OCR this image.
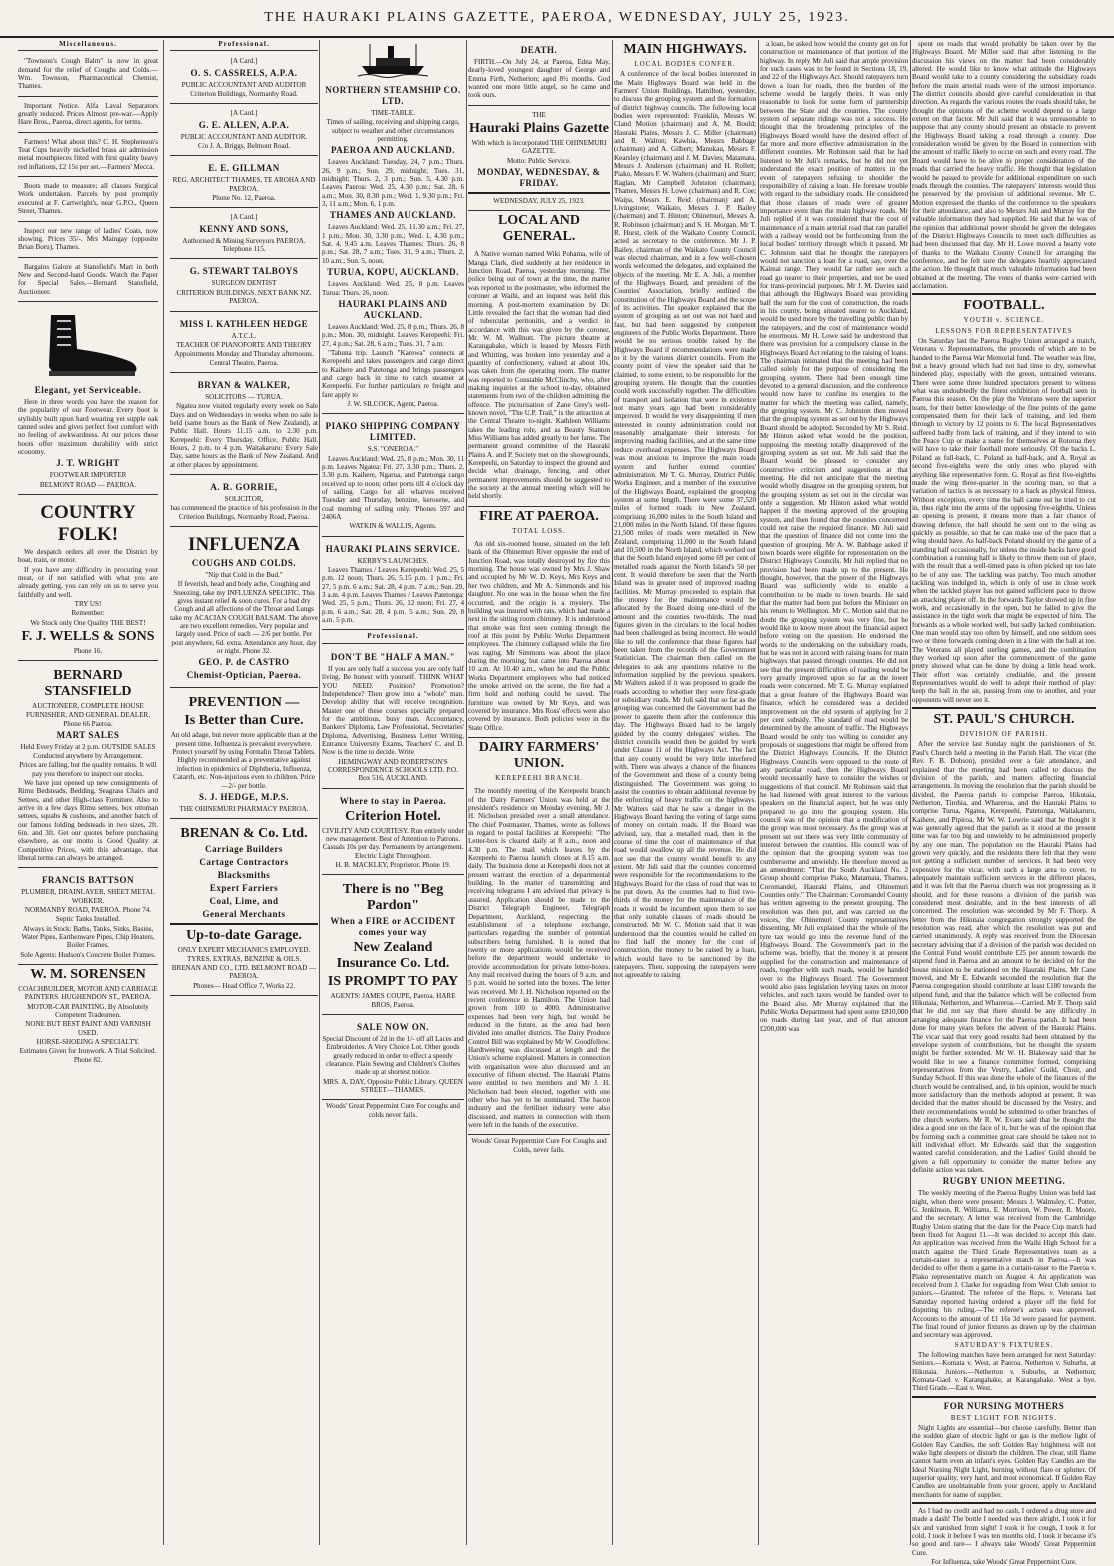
THE HAURAKI PLAINS GAZETTE, PAEROA, WEDNESDAY, JULY 25, 1923.
Miscellaneous.

"Townson's Cough Balm" is now in great demand for the relief of Coughs and Colds.—Wm. Townson, Pharmaceutical Chemist, Thames.

Important Notice. Alfa Laval Separators greatly reduced. Prices Almost pre-war.—Apply Hare Bros., Paeroa, direct agents, for terms.

Farmers! What about this? C. H. Stephenson's Teat Cups heavily nickelled brass air admission metal mouthpieces fitted with first quality heavy red inflations, £2 15s per set.—Farmers' Mecca.

Boots made to measure; all classes Surgical Work undertaken. Parcels by post promptly executed at F. Cartwright's, near G.P.O., Queen Street, Thames.

Inspect our new range of ladies' Coats, now showing. Prices 35/-. Mrs Maingay (opposite Brian Boru), Thames.

Bargains Galore at Stansfield's Mart in both New and Second-hand Goods. Watch the Paper for Special Sales.—Bernard Stansfield, Auctioneer.

Elegant, yet Serviceable.

Here in three words you have the reason for the popularity of our Footwear. Every boot is stylishly built upon hard wearing yet supple oak tanned soles and gives perfect foot comfort with no feeling of awkwardness. At our prices these boots offer maximum durability with strict economy.

J. T. WRIGHT

FOOTWEAR IMPORTER

BELMONT ROAD — PAEROA.

COUNTRY FOLK!

We despatch orders all over the District by boat, train, or motor.

If you have any difficulty in procuring your meat, or if not satisfied with what you are already getting, you can rely on us to serve you faithfully and well.

TRY US!

Remember:

We Stock only One Quality THE BEST!

F. J. WELLS & SONS

Phone 16.

BERNARD STANSFIELD

AUCTIONEER, COMPLETE HOUSE FURNISHER, AND GENERAL DEALER.

Phone 66 Paeroa.

MART SALES

Held Every Friday at 2 p.m. OUTSIDE SALES Conducted anywhere by Arrangement.

Prices are falling, but the quality remains. It will pay you therefore to inspect our stocks.

We have just opened up new consignments of Rimu Bedsteads, Bedding, Seagrass Chairs and Settees, and other High-class Furniture. Also to arrive in a few days Rimu settees, box ottoman settees, squabs & cushions, and another batch of our famous folding bedsteads in two sizes, 2ft. 6in. and 3ft. Get our quotes before purchasing elsewhere, as our motto is Good Quality at Competitive Prices, with this advantage, that liberal terms can always be arranged.

FRANCIS BATTSON

PLUMBER, DRAINLAYER, SHEET METAL WORKER.

NORMANBY ROAD, PAEROA. Phone 74.

Septic Tanks Installed.

Always in Stock: Baths, Tanks, Sinks, Basins, Water Pipes, Earthenware Pipes, Chip Heaters, Boiler Frames.

Sole Agents: Hudson's Concrete Boiler Frames.

W. M. SORENSEN

COACHBUILDER, MOTOR AND CARRIAGE PAINTERS. HUGHENDON ST., PAEROA.

MOTOR-CAR PAINTING. By Absolutely Competent Tradesmen.

NONE BUT BEST PAINT AND VARNISH USED.

HORSE-SHOEING A SPECIALTY.

Estimates Given for Ironwork. A Trial Solicited. Phone 82.

Professional.

[A Card.]

O. S. CASSRELS, A.P.A.

PUBLIC ACCOUNTANT AND AUDITOR

Criterion Buildings, Normanby Road.

[A Card.]

G. E. ALLEN, A.P.A.

PUBLIC ACCOUNTANT AND AUDITOR.

C/o J. A. Briggs, Belmont Road.

E. E. GILLMAN

REG. ARCHITECT THAMES, TE AROHA AND PAEROA.

Phone No. 12, Paeroa.

[A Card.]

KENNY AND SONS,

Authorised & Mining Surveyors PAEROA. Telephone 115.

G. STEWART TALBOYS

SURGEON DENTIST

CRITERION BUILDINGS. NEXT BANK NZ. PAEROA.

MISS I. KATHLEEN HEDGE

A.T.C.L.

TEACHER OF PIANOFORTE AND THEORY

Appointments Monday and Thursday afternoons. Central Theatre, Paeroa.

BRYAN & WALKER,

SOLICITORS — TURUA.

Ngatea now visited regularly every week on Sale Days and on Wednesdays in weeks when no sale is held (same hours as the Bank of New Zealand), at Public Hall. Hours 11.15 a.m. to 2.30 p.m. Kerepeehi: Every Thursday. Office, Public Hall. Hours, 2 p.m. to 4 p.m. Waitakaruru: Every Sale Day, same hours as the Bank of New Zealand. And at other places by appointment.

A. R. GORRIE,

SOLICITOR,

has commenced the practice of his profession in the Criterion Buildings, Normanby Road, Paeroa.

INFLUENZA

COUGHS AND COLDS.

"Nip that Cold in the Bud."

If feverish, head and body ache, Coughing and Sneezing, take my INFLUENZA SPECIFIC. This gives instant relief & soon cures. For a bad dry Cough and all affections of the Throat and Lungs take my ACACIAN COUGH BALSAM. The above are two excellent remedies. Very popular and largely used. Price of each — 2/6 per bottle. Per post anywhere, 6d. extra. Attendance any hour, day or night. Phone 32.

GEO. P. de CASTRO

Chemist-Optician, Paeroa.

PREVENTION —

Is Better than Cure.

An old adage, but never more applicable than at the present time. Influenza is prevalent everywhere. Protect yourself by using Formalin Throat Tablets. Highly recommended as a preventative against infection in epidemics of Diphtheria, Influenza, Catarrh, etc. Non-injurious even to children. Price—2/- per bottle.

S. J. HEDGE, M.P.S.

THE OHINEMURI PHARMACY PAEROA.

BRENAN & Co. Ltd.

Carriage Builders

Cartage Contractors

Blacksmiths

Expert Farriers

Coal, Lime, and

General Merchants

Up-to-date Garage.

ONLY EXPERT MECHANICS EMPLOYED. TYRES, EXTRAS, BENZINE & OILS.

BRENAN AND CO., LTD. BELMONT ROAD — PAEROA.

Phones— Head Office 7, Works 22.

NORTHERN STEAMSHIP CO. LTD.

TIME-TABLE.

Times of sailing, receiving and shipping cargo, subject to weather and other circumstances permitting.

PAEROA AND AUCKLAND.

Leaves Auckland: Tuesday, 24, 7 p.m.; Thurs. 26, 9 p.m.; Sun. 29, midnight; Tues. 31, midnight; Thurs. 2, 3 p.m.; Sun. 5, 4.30 p.m. Leaves Paeroa: Wed. 25, 4.30 p.m.; Sat. 28, 6 a.m.; Mon. 30, 8.30 p.m.; Wed. 1, 9.30 p.m.; Fri. 3, 11 a.m.; Mon. 6, 1 p.m.

THAMES AND AUCKLAND.

Leaves Auckland: Wed. 25, 11.30 a.m.; Fri. 27, 1 p.m.; Mon. 30, 3.30 p.m.; Wed. 1, 4.30 p.m.; Sat. 4, 9.45 a.m. Leaves Thames: Thurs. 26, 8 p.m.; Sat. 28, 7 a.m.; Tues. 31, 9 a.m.; Thurs. 2, 10 a.m.; Sun. 5, noon.

TURUA, KOPU, AUCKLAND.

Leaves Auckland: Wed. 25, 8 p.m. Leaves Turua: Thurs. 26, noon.

HAURAKI PLAINS AND AUCKLAND.

Leaves Auckland: Wed. 25, 8 p.m.; Thurs. 26, 8 p.m.; Mon. 30, midnight. Leaves Kerepeehi: Fri. 27, 4 p.m.; Sat. 28, 6 a.m.; Tues. 31, 7 a.m.

"Tahuna trip. Launch "Karewa" connects at Kerepeehi and takes passengers and cargo direct to Kaihere and Patetonga and brings passengers and cargo back in time to catch steamer at Kerepeehi. For further particulars re freight and fare apply to

J. W. SILCOCK, Agent, Paeroa.

PIAKO SHIPPING COMPANY LIMITED.

S.S. "ONEROA."

Leaves Auckland: Wed. 25, 8 p.m.; Mon. 30, 11 p.m. Leaves Ngatea: Fri. 27, 3.30 p.m.; Thurs. 2, 3.30 p.m. Kaihere, Ngarua, and Patetonga cargo received up to noon; other ports till 4 o'clock day of sailing. Cargo for all wharves received Tuesday and Thursday, benzine, kerosene, and coal morning of sailing only. 'Phones 597 and 2406A

WATKIN & WALLIS, Agents.

HAURAKI PLAINS SERVICE.

KERBY'S LAUNCHES.

Leaves Thames / Leaves Kerepeehi: Wed. 25, 5 p.m. 12 noon; Thurs. 26, 5.15 p.m. 1 p.m.; Fri. 27, 5 p.m. 6 a.m.; Sat. 28, 4 p.m. 7 a.m.; Sun. 29, 3 a.m. 4 p.m. Leaves Thames / Leaves Patetonga: Wed. 25, 5 p.m.; Thurs. 26, 12 noon; Fri. 27, 4 p.m. 6 a.m.; Sat. 28, 4 p.m. 5 a.m.; Sun. 29, 8 a.m. 5 p.m.

Professional.

DON'T BE "HALF A MAN."

If you are only half a success you are only half living. Be honest with yourself. THINK WHAT YOU NEED. Position? Promotion? Independence? Then grow into a "whole" man. Develop ability that will receive recognition. Master one of these courses specially prepared for the ambitious, busy man. Accountancy, Bankers' Diploma, Law Professional, Secretaries' Diploma, Advertising, Business Letter Writing, Entrance University Exams, Teachers' C. and D. Now is the time to decide. Write

HEMINGWAY AND ROBERTSON'S CORRESPONDENCE SCHOOLS LTD. P.O. Box 516, AUCKLAND.

Where to stay in Paeroa.

Criterion Hotel.

CIVILITY AND COURTESY. Run entirely under new management. Best of Attention to Patrons. Casuals 10s per day. Permanents by arrangement. Electric Light Throughout.

H. B. MACKLEY, Proprietor. Phone 19.

There is no "Beg Pardon"

When a FIRE or ACCIDENT comes your way

New Zealand Insurance Co. Ltd.

IS PROMPT TO PAY

AGENTS: JAMES COUPE, Paeroa. HARE BROS, Paeroa.

SALE NOW ON.

Special Discount of 2d in the 1/- off all Laces and Embroideries. A Very Choice Lot. Other goods greatly reduced in order to effect a speedy clearance. Plain Sewing and Children's Clothes made up at shortest notice.

MRS. A. DAY, Opposite Public Library. QUEEN STREET—THAMES.

Woods' Great Peppermint Cure For coughs and colds never fails.

DEATH.

FIRTH.—On July 24, at Paeroa, Edna May, dearly-loved youngest daughter of George and Emma Firth, Netherton; aged 8½ months. God wanted one more little angel, so he came and took ours.

THE

Hauraki Plains Gazette

With which is incorporated THE OHINEMURI GAZETTE.

Motto: Public Service.

MONDAY, WEDNESDAY, & FRIDAY.

WEDNESDAY, JULY 25, 1923.

LOCAL AND GENERAL.

A Native woman named Wiki Pohama, wife of Manga Clark, died suddenly at her residence in Junction Road, Paeroa, yesterday morning. The police being out of town at the time, the matter was reported to the postmaster, who informed the coroner at Waihi, and an inquest was held this morning. A post-mortem examination by Dr. Little revealed the fact that the woman had died of tubercular peritonitis, and a verdict in accordance with this was given by the coroner, Mr. W. M. Wallnutt. The picture theatre at Karangahake, which is leased by Messrs Firth and Whitting, was broken into yesterday and a quantity of confectionery, valued at about 10s, was taken from the operating room. The matter was reported to Constable McClinchy, who, after making inquiries at the school to-day, obtained statements from two of the children admitting the offence. The picturisation of Zane Grey's well-known novel, "The U.P. Trail," is the attraction at the Central Theatre to-night. Kathleen Williams takes the leading role, and as Beauty Stanton Miss Williams has added greatly to her fame. The permanent ground committee of the Hauraki Plains A. and P. Society met on the showgrounds, Kerepeehi, on Saturday to inspect the ground and decide what drainage, fencing, and other permanent improvements should be suggested to the society at the annual meeting which will be held shortly.

FIRE AT PAEROA.

TOTAL LOSS.

An old six-roomed house, situated on the left bank of the Ohinemuri River opposite the end of Junction Road, was totally destroyed by fire this morning. The house was owned by Mrs J. Shaw and occupied by Mr W. D. Keys, Mrs Keys and her two children, and Mr A. Simmonds and his daughter. No one was in the house when the fire occurred, and the origin is a mystery. The building was insured with rats, which had made a nest in the sitting room chimney. It is understood that smoke was first seen coming through the roof at this point by Public Works Department employees. The chimney collapsed while the fire was raging. Mr Simmons was about the place during the morning, but came into Paeroa about 10 a.m. At 10.40 a.m., when he and the Public Works Department employees who had noticed the smoke arrived on the scene, the fire had a firm hold and nothing could be saved. The furniture was owned by Mr Keys, and was covered by insurance. Mrs Ross' effects were also covered by insurance. Both policies were in the State Office.

DAIRY FARMERS' UNION.

KEREPEEHI BRANCH.

The monthly meeting of the Kerepeehi branch of the Dairy Farmers' Union was held at the president's residence on Monday evening, Mr J. H. Nicholson presided over a small attendance. The chief Postmaster, Thames, wrote as follows in regard to postal facilities at Kerepeehi: "The Letter-box is cleared daily at 8 a.m., noon and 4.30 p.m. The mail which leaves by the Kerepeehi to Paeroa launch closes at 8.15 a.m. daily. The business done at Kerepeehi does not at present warrant the erection of a departmental building. In the matter of transmitting and receiving telegrams I am advised that privacy is assured. Application should be made to the District Telegraph Engineer, Telegraph Department, Auckland, respecting the establishment of a telephone exchange, particulars regarding the number of potential subscribers being furnished. It is noted that twenty or more applications would be received before the department would undertake to provide accommodation for private letter-boxes. Any mail received during the hours of 9 a.m. and 5 p.m. would be sorted into the boxes. The letter was received. Mr J. H. Nicholson reported on the recent conference in Hamilton. The Union had grown from 100 to 4000. Administrative expenses had been very high, but would be reduced in the future, as the area had been divided into smaller districts. The Dairy Produce Control Bill was explained by Mr W. Goodfellow. Hardtweeing was discussed at length and the Union's scheme explained. Matters in connection with organisation were also discussed and an executive of fifteen elected. The Hauraki Plains were entitled to two members and Mr J. H. Nicholson had been elected, together with one other who has yet to be nominated. The bacon industry and the fertiliser industry were also discussed, and matters in connection with them were left in the hands of the executive.

Woods' Great Peppermint Cure For Coughs and Colds, never fails.

MAIN HIGHWAYS.

LOCAL BODIES CONFER.

A conference of the local bodies interested in the Main Highways Board was held in the Farmers' Union Buildings, Hamilton, yesterday, to discuss the grouping system and the formation of district highway councils. The following local bodies were represented: Franklin, Messrs W. Cland Motion (chairman) and A. M. Bould; Hauraki Plains, Messrs J. C. Miller (chairman) and R. Walton; Kawhia, Messrs Babbage (chairman) and A. Gilbert; Manukau, Messrs F. Kearsley (chairman) and J. M. Davies; Matamata, Messrs J. Anderson (chairman) and H. Rollett; Piako, Messrs F. W. Walters (chairman) and Starr; Raglan, Mr Campbell Johnston (chairman); Thames, Messrs H. Lowe (chairman) and R. Coe; Waipa, Messrs E. Reid (chairman) and A. Livingstone; Waikato, Messrs J. P. Bailey (chairman) and T. Hinton; Ohinemuri, Messrs A. R. Robinson (chairman) and S. H. Morgan. Mr T. R. Hurst, clerk of the Waikato County Council, acted as secretary to the conference. Mr J. P. Bailey, chairman of the Waikato County Council was elected chairman, and in a few well-chosen words welcomed the delegates, and explained the objects of the meeting. Mr E. A. Juli, a member of the Highways Board, and president of the Counties' Association, briefly outlined the constitution of the Highways Board and the scope of its activities. The speaker explained that the system of grouping as set out was not hard and fast, but had been suggested by competent engineers of the Public Works Department. There would be no serious trouble raised by the Highways Board if recommendations were made to it by the various district councils. From the county point of view the speaker said that he claimed, to some extent, to be responsible for the grouping system. He thought that the counties could work successfully together. The difficulties of transport and isolation that were in existence not many years ago had been considerably improved. It would be very disappointing if men interested in county administration could not reasonably amalgamate their interests for improving roading facilities, and at the same time reduce overhead expenses. The Highways Board was most anxious to improve the main roads system and further extend counties' administration. Mr T. G. Murray, District Public Works Engineer, and a member of the executive of the Highways Board, explained the grouping system at some length. There were some 37,520 miles of formed roads in New Zealand, comprising 16,000 miles in the South Island and 21,000 miles in the North Island. Of these figures 21,500 miles of roads were metalled in New Zealand, comprising 11,000 in the South Island and 10,500 in the North Island, which worked out that the South Island enjoyed some 69 per cent of metalled roads against the North Island's 50 per cent. It would therefore be seen that the North Island was in greater need of improved roading facilities. Mr Murray proceeded to explain that the money for the maintenance would be allocated by the Board doing one-third of the amount and the counties two-thirds. The road figures given in the circulars to the local bodies had been challenged as being incorrect. He would like to tell the conference that these figures had been taken from the records of the Government Statistician. The chairman then called on the delegates to ask any questions relative to the information supplied by the previous speakers. Mr Walters asked if it was proposed to grade the roads according to whether they were first-grade or subsidiary roads. Mr Juli said that so far as the grouping was concerned the Government had the power to gazette them after the conference this day. The Highways Board had to be largely guided by the county delegates' wishes. The district councils would then be guided by work under Clause 11 of the Highways Act. The fact that any county would be very little interfered with. There was always a chance of the finances of the Government and those of a county being distinguished. The Government was going to assist the counties to obtain additional revenue by the enforcing of heavy traffic on the highways. Mr Walters said that he saw a danger in the Highways Board having the voting of large sums of money on certain roads. If the Board was advised, say, that a metalled road, then in the course of time the cost of maintenance of that road would swallow up all the revenue. He did not see that the county would benefit to any extent. Mr Juli said that the counties concerned were responsible for the recommendations to the Highways Board for the class of road that was to be put down. As the counties had to find two-thirds of the money for the maintenance of the roads it would be incumbent upon them to see that only suitable classes of roads should be constructed. Mr W. C. Motion said that it was understood that the counties would be called on to find half the money for the cost of construction, the money to be raised by a loan, which would have to be sanctioned by the ratepayers. Then, supposing the ratepayers were not agreeable to raising

a loan, he asked how would the county get on for construction or maintenance of that portion of the highway. In reply Mr Juli said that ample provision for such cases was to be found in Sections 18, 19, and 22 of the Highways Act. Should ratepayers turn down a loan for roads, then the burden of the scheme would be largely theirs. It was only reasonable to look for some form of partnership between the State and the counties. The county system of separate ridings was not a success. He thought that the broadening principles of the Highways Board would have the desired effect of far more and more effective administration in the different counties. Mr Robinson said that he had listened to Mr Juli's remarks, but he did not yet understand the exact position of matters in the event of ratepayers refusing to shoulder the responsibility of raising a loan. He foresaw trouble with regard to the subsidiary roads. He considered that those classes of roads were of greater importance even than the main highway roads. Mr Juli replied if it was considered that the cost of maintenance of a main arterial road that ran parallel with a railway would not be forthcoming from the local bodies' territory through which it passed. Mr C. Johnston said that he thought the ratepayers would not sanction a loan for a road, say, over the Kaimai range. They would far rather see such a road go nearer to their properties, and not be used for trans-provincial purposes. Mr J. M. Davies said that although the Highways Board was providing half the sum for the cost of construction, the roads in his county, being situated nearer to Auckland, would be used more by the travelling public than by the ratepayers, and the cost of maintenance would be enormous. Mr H. Lowe said he understood that there was provision for a compulsory clause in the Highways Board Act relating to the raising of loans. The chairman intimated that the meeting had been called solely for the purpose of considering the grouping system. There had been enough time devoted to a general discussion, and the conference would now have to confine its energies to the matter for which the meeting was called, namely, the grouping system. Mr C. Johnston then moved that the grouping system as set out by the Highways Board should be adopted. Seconded by Mr S. Reid. Mr Hinton asked what would be the position, supposing the meeting totally disapproved of the grouping system as set out. Mr Juli said that the Board would be pleased to consider any constructive criticism and suggestions at that meeting. He did not anticipate that the meeting would wholly disagree on the grouping system, but the grouping system as set out in the circular was only a suggestion. Mr Hinton asked what would happen if the meeting approved of the grouping system, and then found that the counties concerned could not raise the required finance. Mr Juli said that the question of finance did not come into the question of grouping. Mr A. W. Babbage asked if town boards were eligible for representation on the District Highways Councils. Mr Juli replied that no provision had been made up to the present. He thought, however, that the power of the Highways Board was sufficiently wide to enable a contribution to be made to town boards. He said that the matter had been put before the Minister on his return to Wellington. Mr C. Motion said that no doubt the grouping system was very fine, but he would like to know more about the financial aspect before voting on the question. He endorsed the words to the undertaking on the subsidiary roads, but he was not in accord with raising loans for main highways that passed through counties. He did not see that the present difficulties of roading would be very greatly improved upon so far as the lower roads were concerned. Mr T. G. Murray explained that a great feature of the Highways Board was finance, which he considered was a decided improvement on the old system of applying for 2 per cent subsidy. The standard of road would be determined by the amount of traffic. The Highways Board would be only too willing to consider any proposals or suggestions that might be offered from the District Highways Councils. If the District Highways Councils were opposed to the route of any particular road, then the Highways Board would necessarily have to consider the wishes or suggestions of that council. Mr Robinson said that he had listened with great interest to the various speakers on the financial aspect, but he was only prepared to go into the grouping system. His council was of the opinion that a modification of the group was most necessary. As the group was at present set out there was very little community of interest between the counties. His council was of the opinion that the grouping system was too cumbersome and unwieldy. He therefore moved as an amendment: "That the South Auckland No. 2 Group should comprise Piako, Matamata, Thames, Coromandel, Hauraki Plains, and Ohinemuri Counties only." The Chairman: Coromandel County has written agreeing to the present grouping. The resolution was then put, and was carried on the voices, the Ohinemuri County representatives dissenting. Mr Juli explained that the whole of the tyre tax would go into the revenue fund of the Highways Board. The Government's part in the scheme was, briefly, that the money it at present supplied for the construction and maintenance of roads, together with such roads, would be handed over to the Highways Board. The Government would also pass legislation levying taxes on motor vehicles, and such taxes would be handed over to the Board also. Mr Murray explained that the Public Works Department had spent some £810,000 on roads during last year, and of that amount £200,000 was

spent on roads that would probably be taken over by the Highways Board. Mr Miller said that after listening to the discussion his views on the matter had been considerably altered. He would like to know what attitude the Highways Board would take to a county considering the subsidiary roads before the main arterial roads were of the utmost importance. The district councils should give careful consideration in that direction. As regards the various routes the roads should take, he thought the opinions of the scheme would depend to a large extent on that factor. Mr Juli said that it was unreasonable to suppose that any county should present an obstacle to prevent the Highways Board taking a road through a county. Due consideration would be given by the Board in connection with the amount of traffic likely to occur on such and every road. The Board would have to be alive to proper consideration of the roads that carried the heavy traffic. He thought that legislation would be passed to provide for additional expenditure on such roads through the counties. The ratepayers' interests would thus be preserved by the provision of additional revenue. Mr C. Motion expressed the thanks of the conference to the speakers for their attendance, and also to Messrs Juli and Murray for the valuable information they had supplied. He said that he was of the opinion that additional power should be given the delegates of the District Highways Councils to meet such difficulties as had been discussed that day. Mr H. Lowe moved a hearty vote of thanks to the Waikato County Council for arranging the conference, and he felt sure the delegates heartily appreciated the action. He thought that much valuable information had been obtained at the meeting. The votes of thanks were carried with acclamation.

FOOTBALL.

YOUTH v. SCIENCE.

LESSONS FOR REPRESENTATIVES

On Saturday last the Paeroa Rugby Union arranged a match, Veterans v. Representatives, the proceeds of which are to be handed to the Paeroa War Memorial fund. The weather was fine, but a heavy ground which had not had time to dry, somewhat hindered play, especially with the green, untrained veterans. There were some three hundred spectators present to witness what was undoubtedly the finest exhibition of football seen in Paeroa this season. On the play the Veterans were the superior team, for their better knowledge of the fine points of the game compensated them for their lack of training, and led them through to victory by 12 points to 6. The local Representatives suffered badly from lack of training, and if they intend to win the Peace Cup or make a name for themselves at Rotorua they will have to take their football more seriously. Of the backs L. Poland as full-back, C. Poland as half-back, and A. Royal as second five-eighths were the only ones who played with anything like representative form. G. Royal as first five-eighths made the wing three-quarter in the scoring man, so that a variation of tactics is as necessary to a back as physical fitness. Without exception, every time the ball came out he tried to cut in, thus right into the arms of the opposing five-eighths. Unless an opening is present, it means more than a fair chance of drawing defence, the ball should be sent out to the wing as quickly as possible, so that he can make use of the pace that a wing should have. As half-back Poland should try the game of a standing half occasionally, for unless the inside backs have good combination a running half is likely to throw them out of place, with the result that a well-timed pass is often picked up too late to be of any use. The tackling was patchy. Too much smother tackling was indulged in, which is only of use in close work when the tackled player has not gained sufficient pace to throw an attacking player off. In the forwards Taylor showed up in fine work, and occasionally in the open, but he failed to give the assistance in the tight work that might be expected of him. The forwards as a whole worked well, but sadly lacked combination. One man would stay too often by himself, and one seldom sees two or three forwards coming down in a line with the ball at toe. The Veterans all played sterling games, and the combination they worked up soon after the commencement of the game pretty showed what can be done by doing a little head work. Their effort was certainly creditable, and the present Representatives would do well to adopt their method of play: keep the ball in the air, passing from one to another, and your opponents will never see it.

ST. PAUL'S CHURCH.

DIVISION OF PARISH.

After the service last Sunday night the parishioners of St. Paul's Church held a meeting in the Parish Hall. The vicar (the Rev. F. B. Dobson), presided over a fair attendance, and explained that the meeting had been called to discuss the division of the parish, and matters affecting financial arrangements. In moving the resolution that the parish should be divided, the Paeroa parish to comprise Paeroa, Hikutaia, Netherton, Tirohia, and Whareroa, and the Hauraki Plains to comprise Turua, Ngatea, Kerepeehi, Patetonga, Waitakaruru, Kaihere, and Pipiroa, Mr W. W. Lowrie said that he thought it was generally agreed that the parish as it stood at the present time was far too big and unwieldy to be administered properly by any one man. The population on the Hauraki Plains had grown very quickly, and the residents there felt that they were not getting a sufficient number of services. It had been very expensive for the vicar, with such a large area to cover, to adequately maintain sufficient services in the different places, and it was felt that the Paeroa church was not progressing as it should, and for these reasons a division of the parish was considered most desirable, and in the best interests of all concerned. The resolution was seconded by Mr F. Thorp. A letter from the Hikutaia congregation strongly supported the resolution was read, after which the resolution was put and carried unanimously. A reply was received from the Diocesan secretary advising that if a division of the parish was decided on the Central Fund would contribute £25 per annum towards the stipend fund in Paeroa and an amount to be decided on for the house mission to be stationed on the Hauraki Plains. Mr Cane moved, and Mr E. Edwards seconded the resolution that the Paeroa congregation should contribute at least £180 towards the stipend fund, and that the balance which will be collected from Hikutaia, Netherton, and Whareroa.—Carried. Mr F. Thorp said that he did not say that there should be any difficulty in arranging adequate finance for the Paeroa parish. It had been done for many years before the advent of the Hauraki Plains. The vicar said that very good results had been obtained by the envelope system of contributions, but he thought the system might be further extended. Mr W. H. Blakeway said that he would like to see a finance committee formed, comprising representatives from the Vestry, Ladies' Guild, Choir, and Sunday School. If this was done the whole of the finances of the church would be centralised, and, in his opinion, would be much more satisfactory than the methods adopted at present. It was decided that the matter should be discussed by the Vestry, and their recommendations would be submitted to other branches of the church workers. Mr R. W. Evans said that he thought the idea a good one on the face of it, but he was of the opinion that by forming such a committee great care should be taken not to kill individual effort. Mr Edwards said that the suggestion wanted careful consideration, and the Ladies' Guild should be given a full opportunity to consider the matter before any definite action was taken.

RUGBY UNION MEETING.

The weekly meeting of the Paeroa Rugby Union was held last night, when there were present: Messrs J. Walmsley, C. Potter, G. Jenkinson, R. Williams, E. Morrison, W. Power, R. Moore, and the secretary. A letter was received from the Cambridge Rugby Union stating that the date for the Peace Cup match had been fixed for August 11.—It was decided to accept this date. An application was received from the Waihi High School for a match against the Third Grade Representatives team as a curtain-raiser to a representative match in Paeroa.—It was decided to offer them a game in a curtain-raiser to the Paeroa v. Piako representative match on August 4. An application was received from J. Clarke for regrading from West Club senior to juniors.—Granted. The referee of the Reps. v. Veterans last Saturday reported having ordered a player off the field for disputing his ruling.—The referee's action was approved. Accounts to the amount of £1 16s 3d were passed for payment. The final round of junior fixtures as drawn up by the chairman and secretary was approved.

SATURDAY'S FIXTURES.

The following matches have been arranged for next Saturday: Seniors.—Komata v. West, at Paeroa. Netherton v. Suburbs, at Hikutaia. Juniors.—Netherton v. Suburbs, at Netherton; Komata-Gaol v. Karangahake, at Karangahake. West a bye. Third Grade.—East v. West.

FOR NURSING MOTHERS

BEST LIGHT FOR NIGHTS.

Night Lights are essential—but choose carefully. Better than the sodden glare of electric light or gas is the mellow light of Golden Ray Candles, the soft Golden Ray brightness will not wake light sleepers or disturb the children. The clear, still flame cannot harm even an infant's eyes. Golden Ray Candles are the Ideal Nursing Night Light, burning without flare or splutter. Of superior quality, very hard, and most economical. If Golden Ray Candles are unobtainable from your grocer, apply to Auckland merchants for name of supplier.

As I had no credit and had no cash, I ordered a drug store and made a dash! The bottle I needed was there alright, I took it for six and vanished from sight! I took it for cough, I took it for cold, I took it before I was ten months old, I took it because it's so good and rare— I always take Woods' Great Peppermint Cure.

For Influenza, take Woods' Great Peppermint Cure.
